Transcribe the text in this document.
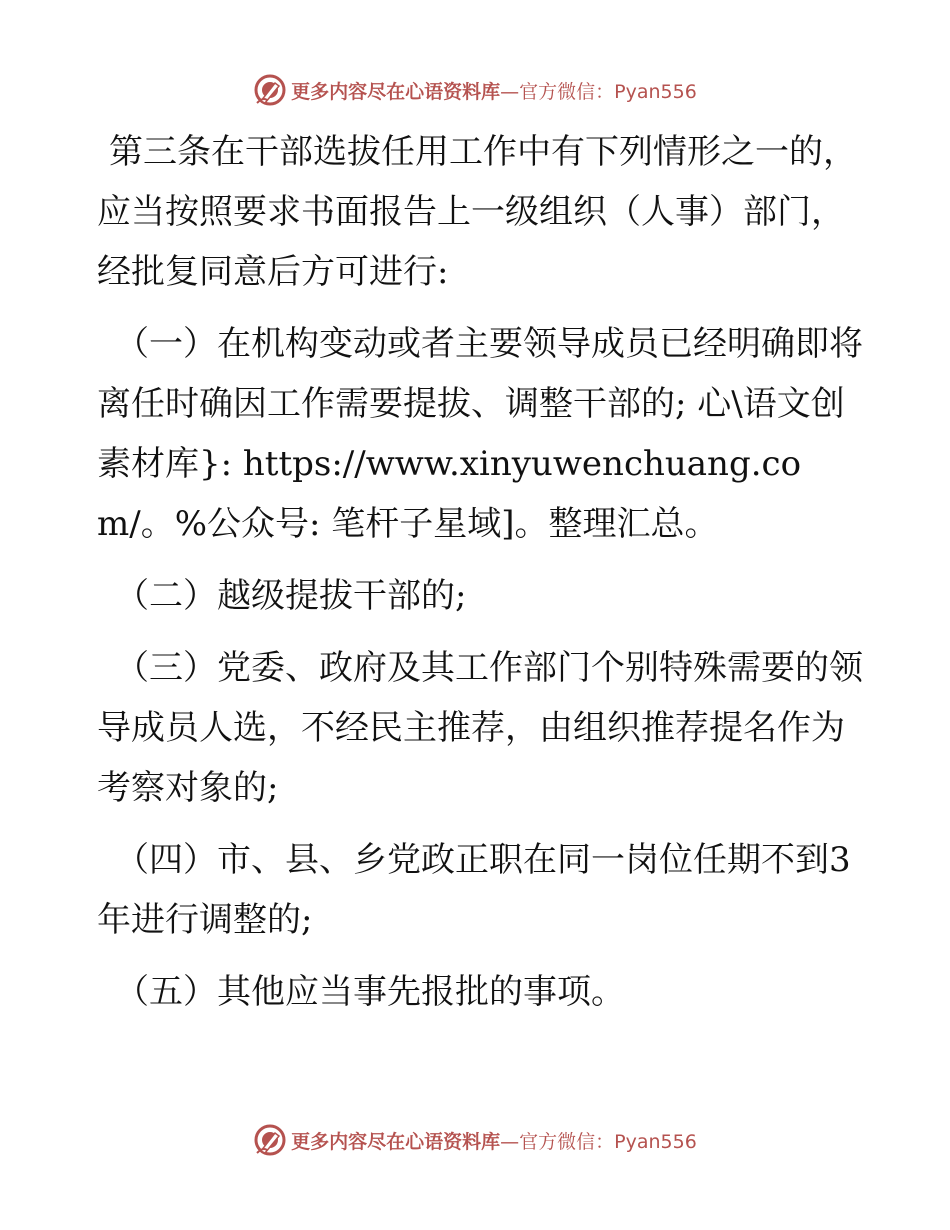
更多内容尽在心语资料库—官方微信：Pyan556

第三条在干部选拔任用工作中有下列情形之一的，应当按照要求书面报告上一级组织（人事）部门，经批复同意后方可进行:

（一）在机构变动或者主要领导成员已经明确即将离任时确因工作需要提拔、调整干部的; 心\语文创素材库}: https://www.xinyuwenchuang.com/。%公众号: 笔杆子星域]。整理汇总。

（二）越级提拔干部的;

（三）党委、政府及其工作部门个别特殊需要的领导成员人选，不经民主推荐，由组织推荐提名作为考察对象的;

（四）市、县、乡党政正职在同一岗位任期不到3年进行调整的;

（五）其他应当事先报批的事项。

更多内容尽在心语资料库—官方微信：Pyan556
